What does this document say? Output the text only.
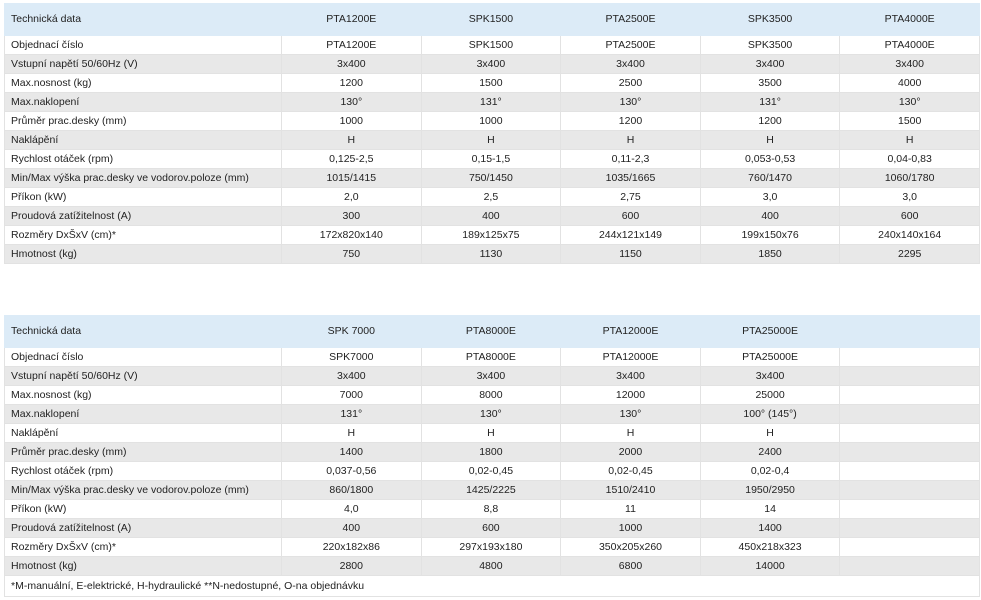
Technická data	PTA1200E	SPK1500	PTA2500E	SPK3500	PTA4000E
Objednací číslo	PTA1200E	SPK1500	PTA2500E	SPK3500	PTA4000E
Vstupní napětí 50/60Hz (V)	3x400	3x400	3x400	3x400	3x400
Max.nosnost (kg)	1200	1500	2500	3500	4000
Max.naklopení	130°	131°	130°	131°	130°
Průměr prac.desky (mm)	1000	1000	1200	1200	1500
Naklápění	H	H	H	H	H
Rychlost otáček (rpm)	0,125-2,5	0,15-1,5	0,11-2,3	0,053-0,53	0,04-0,83
Min/Max výška prac.desky ve vodorov.poloze (mm)	1015/1415	750/1450	1035/1665	760/1470	1060/1780
Příkon (kW)	2,0	2,5	2,75	3,0	3,0
Proudová zatížitelnost (A)	300	400	600	400	600
Rozměry DxŠxV (cm)*	172x820x140	189x125x75	244x121x149	199x150x76	240x140x164
Hmotnost (kg)	750	1130	1150	1850	2295
Technická data	SPK 7000	PTA8000E	PTA12000E	PTA25000E	
Objednací číslo	SPK7000	PTA8000E	PTA12000E	PTA25000E	
Vstupní napětí 50/60Hz (V)	3x400	3x400	3x400	3x400	
Max.nosnost (kg)	7000	8000	12000	25000	
Max.naklopení	131°	130°	130°	100° (145°)	
Naklápění	H	H	H	H	
Průměr prac.desky (mm)	1400	1800	2000	2400	
Rychlost otáček (rpm)	0,037-0,56	0,02-0,45	0,02-0,45	0,02-0,4	
Min/Max výška prac.desky ve vodorov.poloze (mm)	860/1800	1425/2225	1510/2410	1950/2950	
Příkon (kW)	4,0	8,8	11	14	
Proudová zatížitelnost (A)	400	600	1000	1400	
Rozměry DxŠxV (cm)*	220x182x86	297x193x180	350x205x260	450x218x323	
Hmotnost (kg)	2800	4800	6800	14000	
*M-manuální, E-elektrické, H-hydraulické **N-nedostupné, O-na objednávku					
